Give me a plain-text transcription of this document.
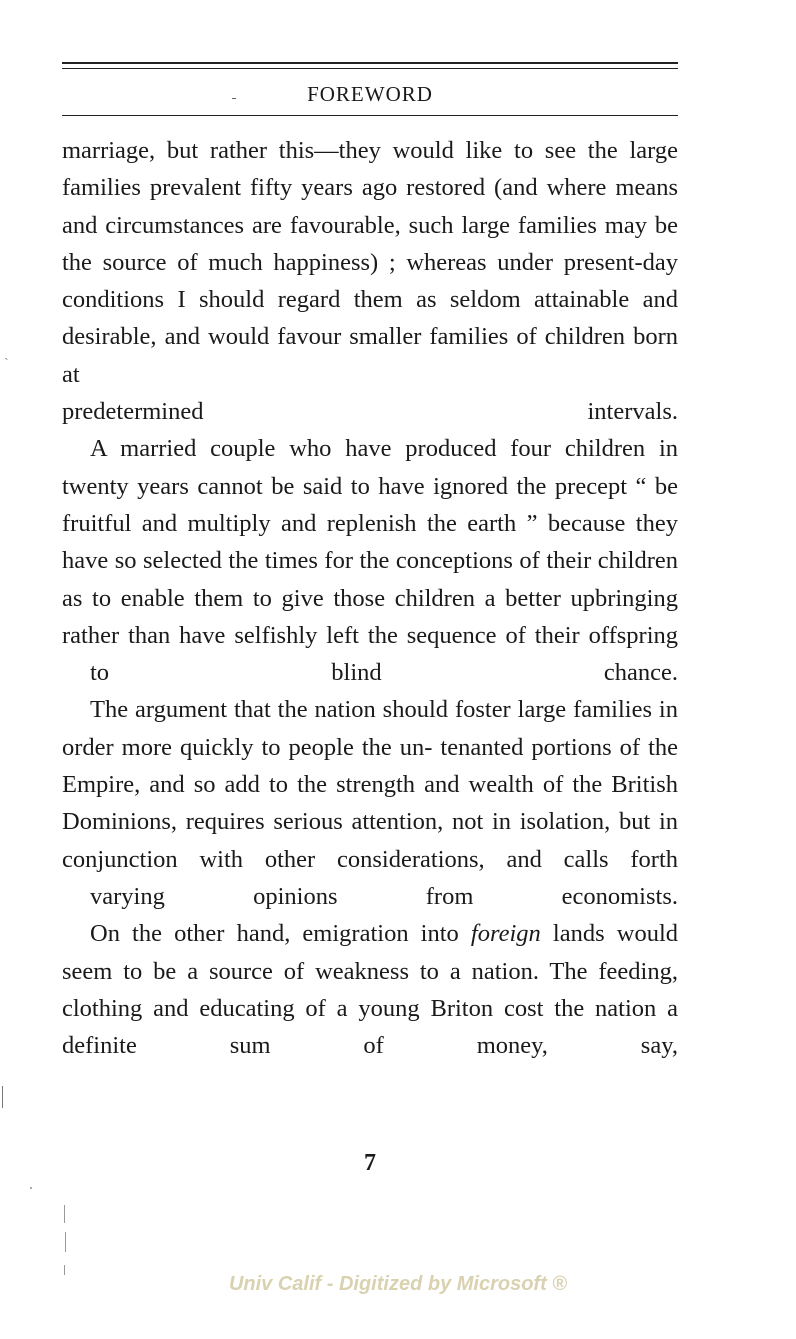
FOREWORD

marriage, but rather this—they would like to see the large families prevalent fifty years ago restored (and where means and circumstances are favourable, such large families may be the source of much happiness) ; whereas under present-day conditions I should regard them as seldom attainable and desirable, and would favour smaller families of children born at
predetermined intervals.

A married couple who have produced four children in twenty years cannot be said to have ignored the precept “ be fruitful and multiply and replenish the earth ” because they have so selected the times for the conceptions of their children as to enable them to give those children a better upbringing rather than have selfishly left the sequence of their offspring
to blind chance.

The argument that the nation should foster large families in order more quickly to people the un- tenanted portions of the Empire, and so add to the strength and wealth of the British Dominions, requires serious attention, not in isolation, but in conjunction with other considerations, and calls forth
varying opinions from economists.

On the other hand, emigration into foreign lands would seem to be a source of weakness to a nation. The feeding, clothing and educating of a young Briton cost the nation a definite sum of money, say,

7
ˎ
Univ Calif - Digitized by Microsoft ®
